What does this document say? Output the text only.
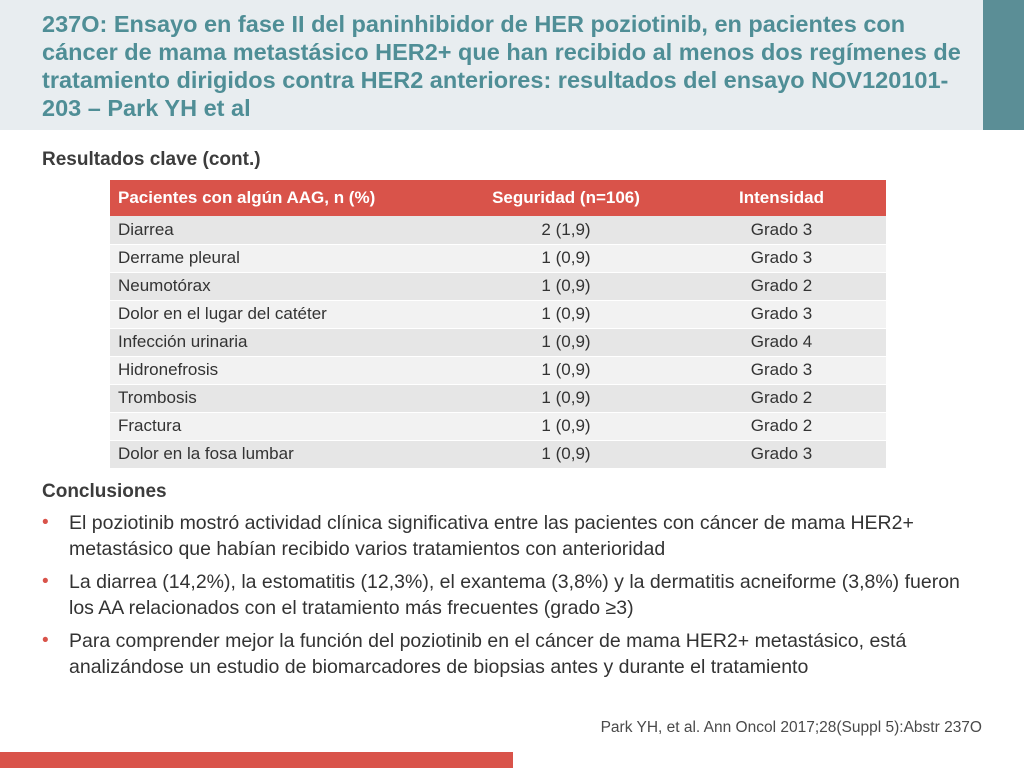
237O: Ensayo en fase II del paninhibidor de HER poziotinib, en pacientes con cáncer de mama metastásico HER2+ que han recibido al menos dos regímenes de tratamiento dirigidos contra HER2 anteriores: resultados del ensayo NOV120101-203 – Park YH et al
Resultados clave (cont.)
Pacientes con algún AAG, n (%)	Seguridad (n=106)	Intensidad
Diarrea	2 (1,9)	Grado 3
Derrame pleural	1 (0,9)	Grado 3
Neumotórax	1 (0,9)	Grado 2
Dolor en el lugar del catéter	1 (0,9)	Grado 3
Infección urinaria	1 (0,9)	Grado 4
Hidronefrosis	1 (0,9)	Grado 3
Trombosis	1 (0,9)	Grado 2
Fractura	1 (0,9)	Grado 2
Dolor en la fosa lumbar	1 (0,9)	Grado 3
Conclusiones
• El poziotinib mostró actividad clínica significativa entre las pacientes con cáncer de mama HER2+ metastásico que habían recibido varios tratamientos con anterioridad
• La diarrea (14,2%), la estomatitis (12,3%), el exantema (3,8%) y la dermatitis acneiforme (3,8%) fueron los AA relacionados con el tratamiento más frecuentes (grado ≥3)
• Para comprender mejor la función del poziotinib en el cáncer de mama HER2+ metastásico, está analizándose un estudio de biomarcadores de biopsias antes y durante el tratamiento
Park YH, et al. Ann Oncol 2017;28(Suppl 5):Abstr 237O
